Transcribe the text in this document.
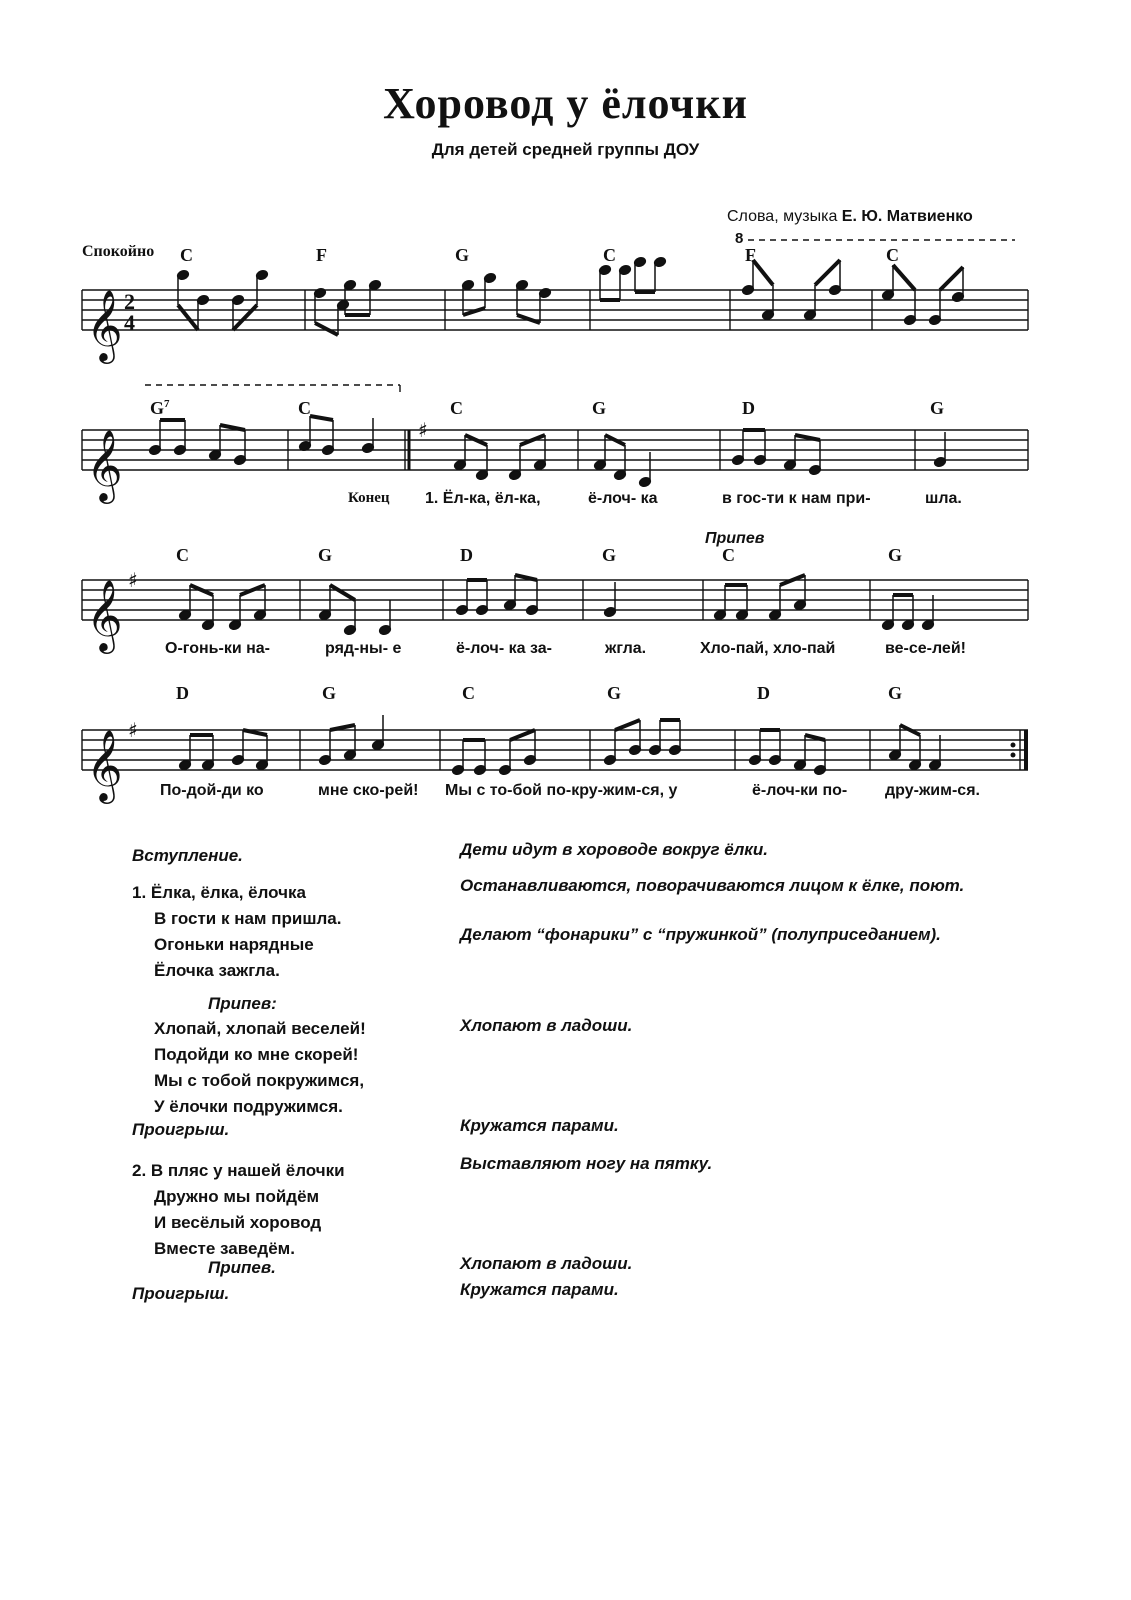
Хоровод у ёлочки
Для детей средней группы ДОУ
Слова, музыка Е. Ю. Матвиенко
Спокойно
8
𝄞
𝄞
𝄞
𝄞
♯
♯
♯
2
4
C	F	G	C	F	C
$G^7$	C	C	G	D	G
C	G	D	G	C	G
D	G	C	G	D	G
1. Ёл-ка, ёл-ка,	ё-лоч- ка	в гос-ти к нам при-	шла.
О-гонь-ки на-	ряд-ны- е	ё-лоч- ка за-	жгла.	Хло-пай, хло-пай	ве-се-лей!
По-дой-ди ко	мне ско-рей! Мы с то-бой по-кру-жим-ся, у	ё-лоч-ки по- дру-жим-ся.
Конец
Припев
Вступление.	Дети идут в хороводе вокруг ёлки.
1. Ёлка, ёлка, ёлочка
В гости к нам пришла.
Огоньки нарядные
Ёлочка зажгла.
Останавливаются, поворачиваются лицом к ёлке, поют.
Делают “фонарики” с “пружинкой” (полуприседанием).
Припев:
Хлопай, хлопай веселей!
Подойди ко мне скорей!
Мы с тобой покружимся,
У ёлочки подружимся.
Хлопают в ладоши.
Проигрыш.	Кружатся парами.
2. В пляс у нашей ёлочки
Дружно мы пойдём
И весёлый хоровод
Вместе заведём.
Выставляют ногу на пятку.
Припев.	Хлопают в ладоши.
Проигрыш.	Кружатся парами.
